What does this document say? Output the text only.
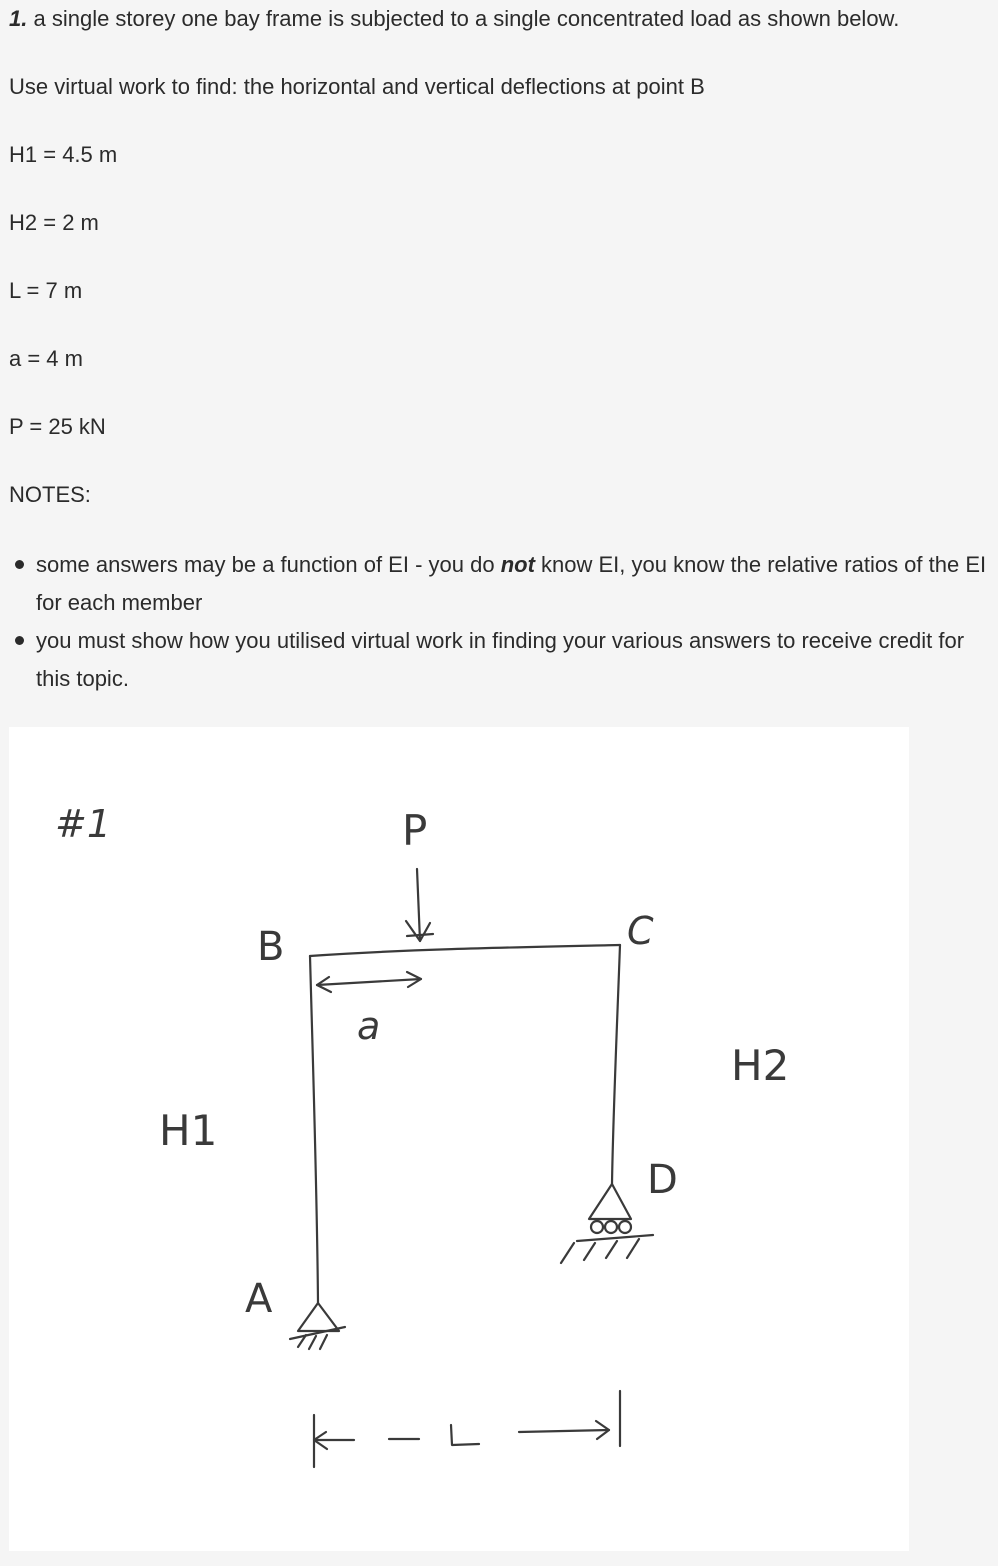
1. a single storey one bay frame is subjected to a single concentrated load as shown below.
Use virtual work to find: the horizontal and vertical deflections at point B
H1 = 4.5 m
H2 = 2 m
L = 7 m
a = 4 m
P = 25 kN
NOTES:
some answers may be a function of EI - you do not know EI, you know the relative ratios of the EI for each member
you must show how you utilised virtual work in finding your various answers to receive credit for this topic.
#1	P
B	C
a
H2
H1
D
A
L
